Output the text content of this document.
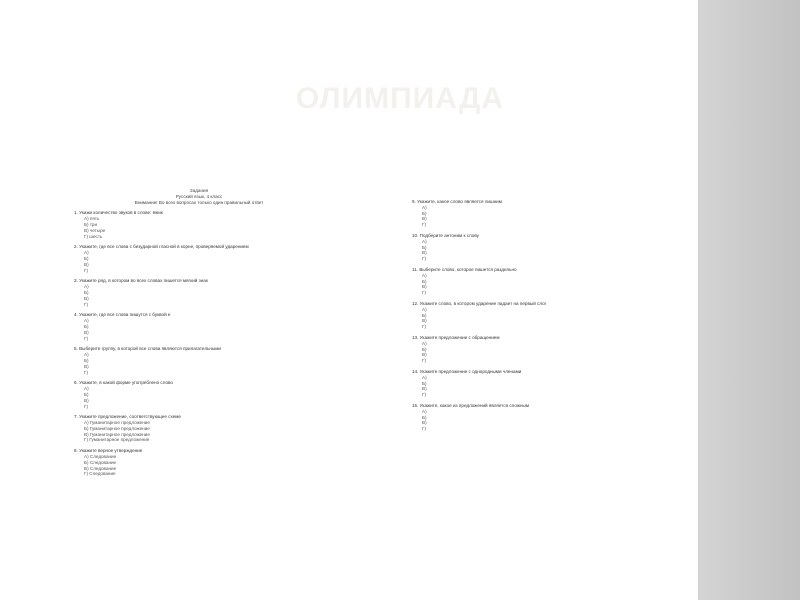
ОЛИМПИАДА
Задания
Русский язык, 4 класс
Внимание! Во всех вопросах только один правильный ответ
1. Укажи количество звуков в слове: ёжик
А) пять
Б) три
В) четыре
Г) шесть
2. Укажите, где все слова с безударной гласной в корне, проверяемой ударением
А)
Б)
В)
Г)
3. Укажите ряд, в котором во всех словах пишется мягкий знак
А)
Б)
В)
Г)
4. Укажите, где все слова пишутся с буквой е
А)
Б)
В)
Г)
5. Выберите группу, в которой все слова являются прилагательными
А)
Б)
В)
Г)
6. Укажите, в какой форме употреблено слово
А)
Б)
В)
Г)
7. Укажите предложение, соответствующее схеме
А) Гуманитарное предложение
Б) Гуманитарное предложение
В) Гуманитарное предложение
Г) Гуманитарное предложение
8. Укажите верное утверждение
А) Следование
Б) Следование
В) Следование
Г) Следование
9. Укажите, какое слово является лишним
А)
Б)
В)
Г)
10. Подберите антоним к слову
А)
Б)
В)
Г)
11. Выберите слово, которое пишется раздельно
А)
Б)
В)
Г)
12. Укажите слово, в котором ударение падает на первый слог
А)
Б)
В)
Г)
13. Укажите предложение с обращением
А)
Б)
В)
Г)
14. Укажите предложение с однородными членами
А)
Б)
В)
Г)
15. Укажите, какое из предложений является сложным
А)
Б)
В)
Г)
